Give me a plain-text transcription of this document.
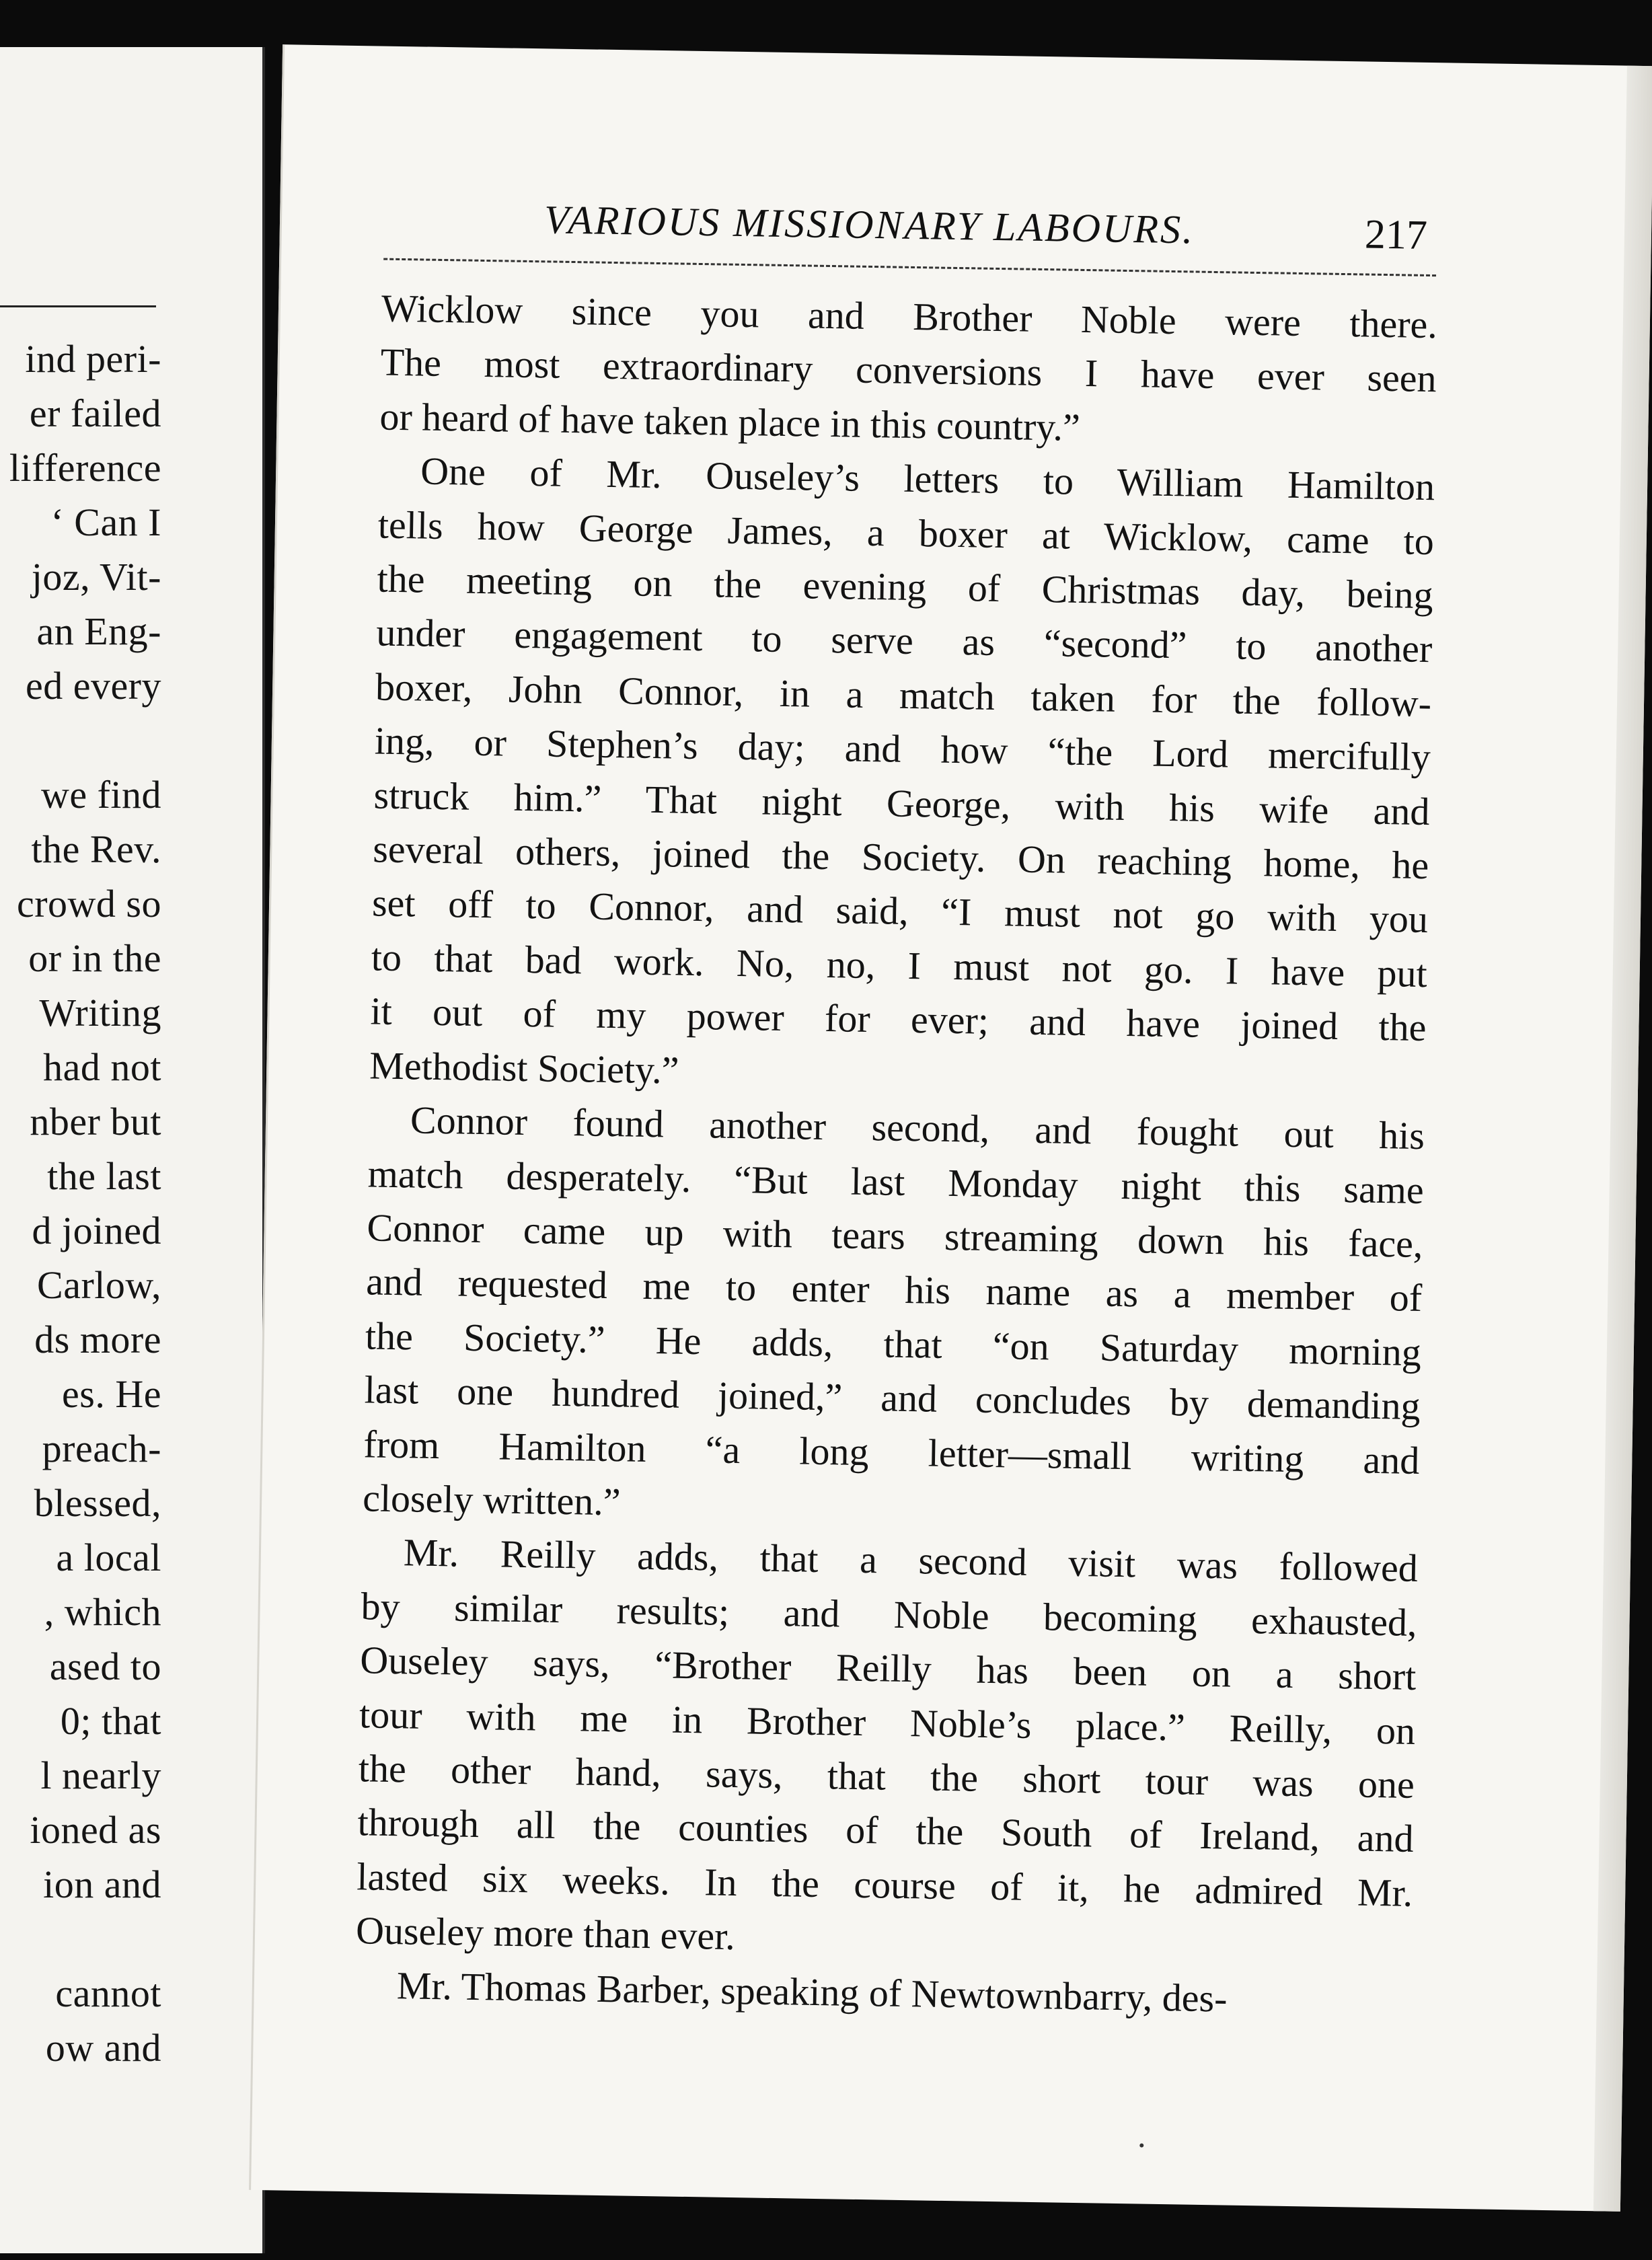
ind peri-
er failed
lifference
‘ Can I
joz, Vit-
an Eng-
ed every
we find
the Rev.
crowd so
or in the
Writing
had not
nber but
the last
d joined
Carlow,
ds more
es. He
preach-
blessed,
a local
, which
ased to
0; that
l nearly
ioned as
ion and
cannot
ow and
VARIOUS MISSIONARY LABOURS.	217
Wicklow since you and Brother Noble were there.
The most extraordinary conversions I have ever seen
or heard of have taken place in this country.”
One of Mr. Ouseley’s letters to William Hamilton
tells how George James, a boxer at Wicklow, came to
the meeting on the evening of Christmas day, being
under engagement to serve as “second” to another
boxer, John Connor, in a match taken for the follow-
ing, or Stephen’s day; and how “the Lord mercifully
struck him.” That night George, with his wife and
several others, joined the Society. On reaching home, he
set off to Connor, and said, “I must not go with you
to that bad work. No, no, I must not go. I have put
it out of my power for ever; and have joined the
Methodist Society.”
Connor found another second, and fought out his
match desperately. “But last Monday night this same
Connor came up with tears streaming down his face,
and requested me to enter his name as a member of
the Society.” He adds, that “on Saturday morning
last one hundred joined,” and concludes by demanding
from Hamilton “a long letter—small writing and
closely written.”
Mr. Reilly adds, that a second visit was followed
by similar results; and Noble becoming exhausted,
Ouseley says, “Brother Reilly has been on a short
tour with me in Brother Noble’s place.” Reilly, on
the other hand, says, that the short tour was one
through all the counties of the South of Ireland, and
lasted six weeks. In the course of it, he admired Mr.
Ouseley more than ever.
Mr. Thomas Barber, speaking of Newtownbarry, des-
